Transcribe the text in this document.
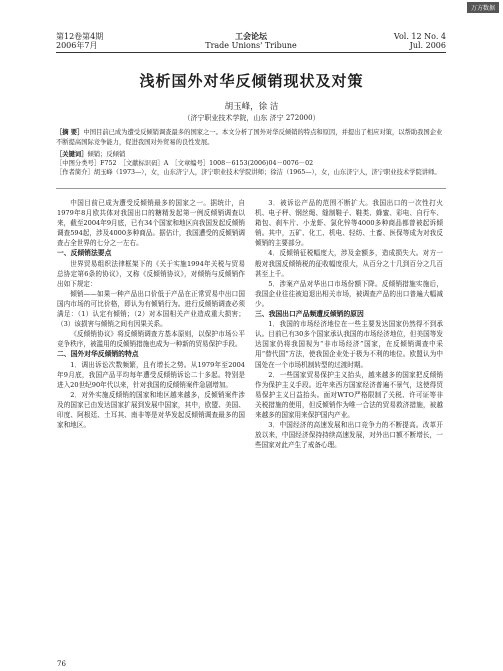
万方数据
第12卷第4期
2006年7月
工会论坛
Trade Unions' Tribune
Vol. 12 No. 4
Jul. 2006
浅析国外对华反倾销现状及对策
胡玉峰，徐 洁
（济宁职业技术学院，山东 济宁 272000）
［摘 要］中国目前已成为遭受反倾销调查最多的国家之一。本文分析了国外对华反倾销的特点和原因，并提出了相应对策，以帮助我国企业不断提高国际竞争能力，促进我国对外贸易的良性发展。
［关键词］倾销；反倾销
［中图分类号］F752　［文献标识码］A　［文章编号］1008－6153(2006)04－0076－02
［作者简介］胡玉峰（1973—），女，山东济宁人，济宁职业技术学院讲师；徐洁（1965—），女，山东济宁人，济宁职业技术学院讲师。

中国目前已成为遭受反倾销最多的国家之一。据统计，自1979年8月欧共体对我国出口的糖精发起第一例反倾销调查以来，截至2004年9月底，已有34个国家和地区向我国发起反倾销调查594起，涉及4000多种商品。据估计，我国遭受的反倾销调查占全世界的七分之一左右。

一、反倾销法要点

世界贸易组织法律框架下的《关于实施1994年关税与贸易总协定第6条的协议》，又称《反倾销协议》，对倾销与反倾销作出如下规定：

倾销——如果一种产品出口价低于产品在正常贸易中出口国国内市场的可比价格，即认为有倾销行为。进行反倾销调查必须满足：（1）认定有倾销；（2）对本国相关产业造成重大损害；（3）该损害与倾销之间有因果关系。

《反倾销协议》将反倾销调查方基本原则，以保护市场公平竞争秩序，被滥用的反倾销措施也成为一种新的贸易保护手段。

二、国外对华反倾销的特点

1．调出诉讼次数频繁，且有增长之势。从1979年至2004年9月底，我国产品平均每年遭受反倾销诉讼二十多起。特别是进入20世纪90年代以来，针对我国的反倾销案件急剧增加。

2．对外实施反倾销的国家和地区越来越多，反倾销案件涉及的国家已由发达国家扩展到发展中国家，其中，欧盟、美国、印度、阿根廷、土耳其、南非等是对华发起反倾销调查最多的国家和地区。

3．被诉讼产品的范围不断扩大。我国出口的一次性打火机、电子秤、钢丝绳、缝制鞋子、鞋类、蜂蜜、彩电、自行车、箱包、刹车片、小龙虾、氯化锌等4000多种商品都曾被起诉倾销。其中，五矿、化工、机电、轻纺、土畜、医保等成为对我反倾销的主要部分。

4．反倾销征税幅度大，涉及金额多，造成损失大。对方一般对我国反倾销税的征收幅度很大，从百分之十几到百分之几百甚至上千。

5．涉案产品对华出口市场份额下降。反倾销措施实施后，我国企业往往被迫退出相关市场，被调查产品的出口普遍大幅减少。

三、我国出口产品频遭反倾销的原因

1．我国的市场经济地位在一些主要发达国家仍然得不到承认。目前已有30多个国家承认我国的市场经济地位，但美国等发达国家仍将我国视为“非市场经济”国家，在反倾销调查中采用“替代国”方法，使我国企业处于极为不利的地位。欧盟认为中国处在一个市场机制转型的过渡时期。

2．一些国家贸易保护主义抬头，越来越多的国家把反倾销作为保护主义手段。近年来西方国家经济普遍不景气，这使得贸易保护主义日益抬头。面对WTO严格限制了关税、许可证等非关税措施的使用，但反倾销作为唯一合法的贸易救济措施，被越来越多的国家用来保护国内产业。

3．中国经济的高速发展和出口竞争力的不断提高。改革开放以来，中国经济保持持续高速发展，对外出口额不断增长，一些国家对此产生了戒备心理。

76
